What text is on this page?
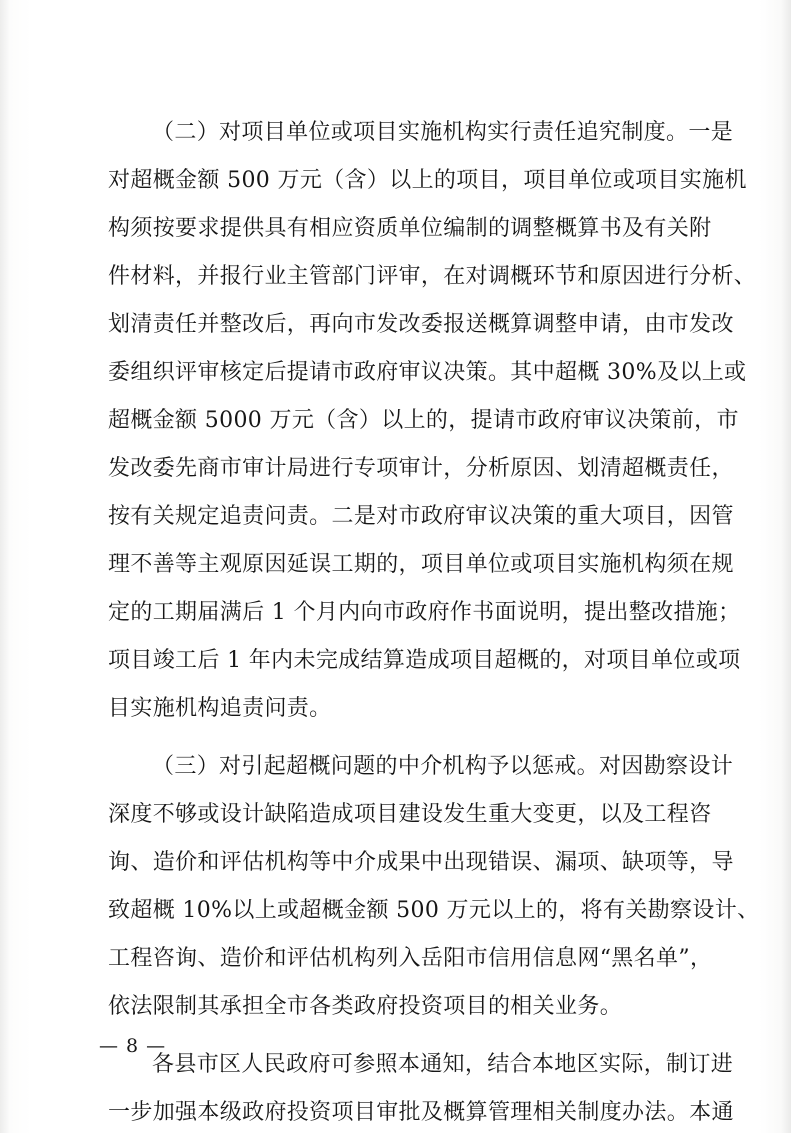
（二）对项目单位或项目实施机构实行责任追究制度。一是
对超概金额 500 万元（含）以上的项目，项目单位或项目实施机
构须按要求提供具有相应资质单位编制的调整概算书及有关附
件材料，并报行业主管部门评审，在对调概环节和原因进行分析、
划清责任并整改后，再向市发改委报送概算调整申请，由市发改
委组织评审核定后提请市政府审议决策。其中超概 30%及以上或
超概金额 5000 万元（含）以上的，提请市政府审议决策前，市
发改委先商市审计局进行专项审计，分析原因、划清超概责任，
按有关规定追责问责。二是对市政府审议决策的重大项目，因管
理不善等主观原因延误工期的，项目单位或项目实施机构须在规
定的工期届满后 1 个月内向市政府作书面说明，提出整改措施；
项目竣工后 1 年内未完成结算造成项目超概的，对项目单位或项
目实施机构追责问责。
（三）对引起超概问题的中介机构予以惩戒。对因勘察设计
深度不够或设计缺陷造成项目建设发生重大变更，以及工程咨
询、造价和评估机构等中介成果中出现错误、漏项、缺项等，导
致超概 10%以上或超概金额 500 万元以上的，将有关勘察设计、
工程咨询、造价和评估机构列入岳阳市信用信息网“黑名单”，
依法限制其承担全市各类政府投资项目的相关业务。
各县市区人民政府可参照本通知，结合本地区实际，制订进
一步加强本级政府投资项目审批及概算管理相关制度办法。本通
— 8 —
